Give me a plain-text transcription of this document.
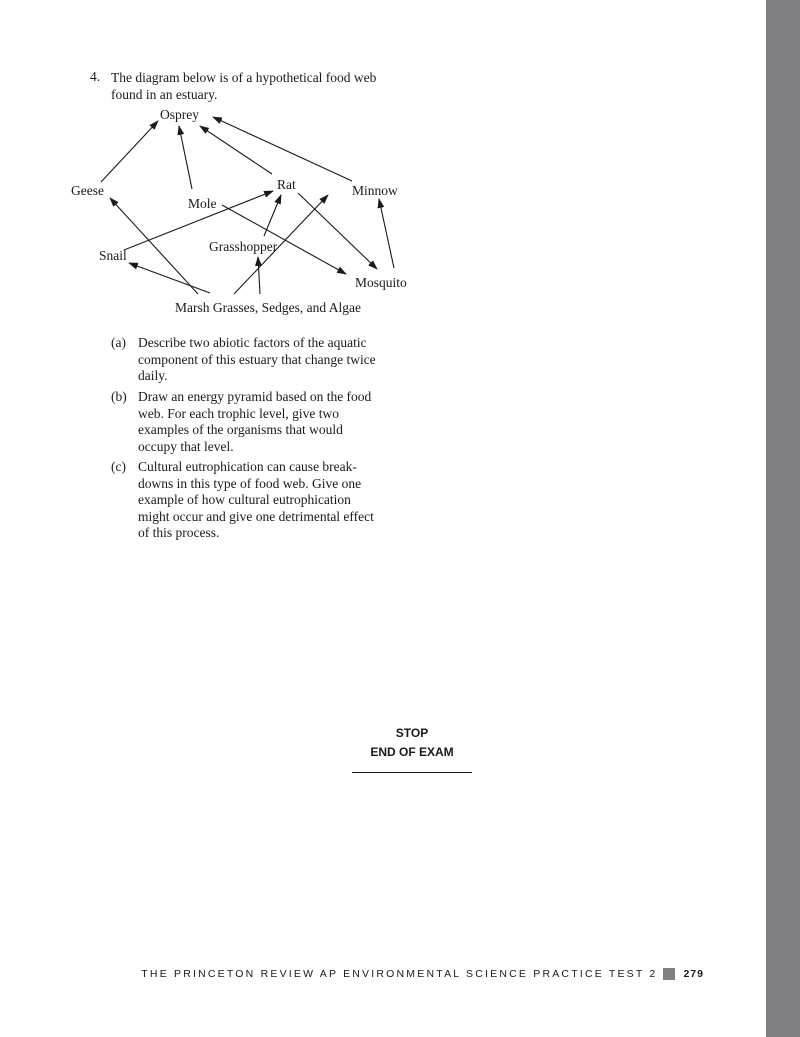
4. The diagram below is of a hypothetical food web found in an estuary.
Osprey
Geese	Rat	Minnow
Mole
Grasshopper
Snail
Mosquito
Marsh Grasses, Sedges, and Algae
(a) Describe two abiotic factors of the aquatic component of this estuary that change twice daily.
(b) Draw an energy pyramid based on the food web. For each trophic level, give two examples of the organisms that would occupy that level.
(c) Cultural eutrophication can cause break-downs in this type of food web. Give one example of how cultural eutrophication might occur and give one detrimental effect of this process.
STOP
END OF EXAM
THE PRINCETON REVIEW AP ENVIRONMENTAL SCIENCE PRACTICE TEST 2 279
